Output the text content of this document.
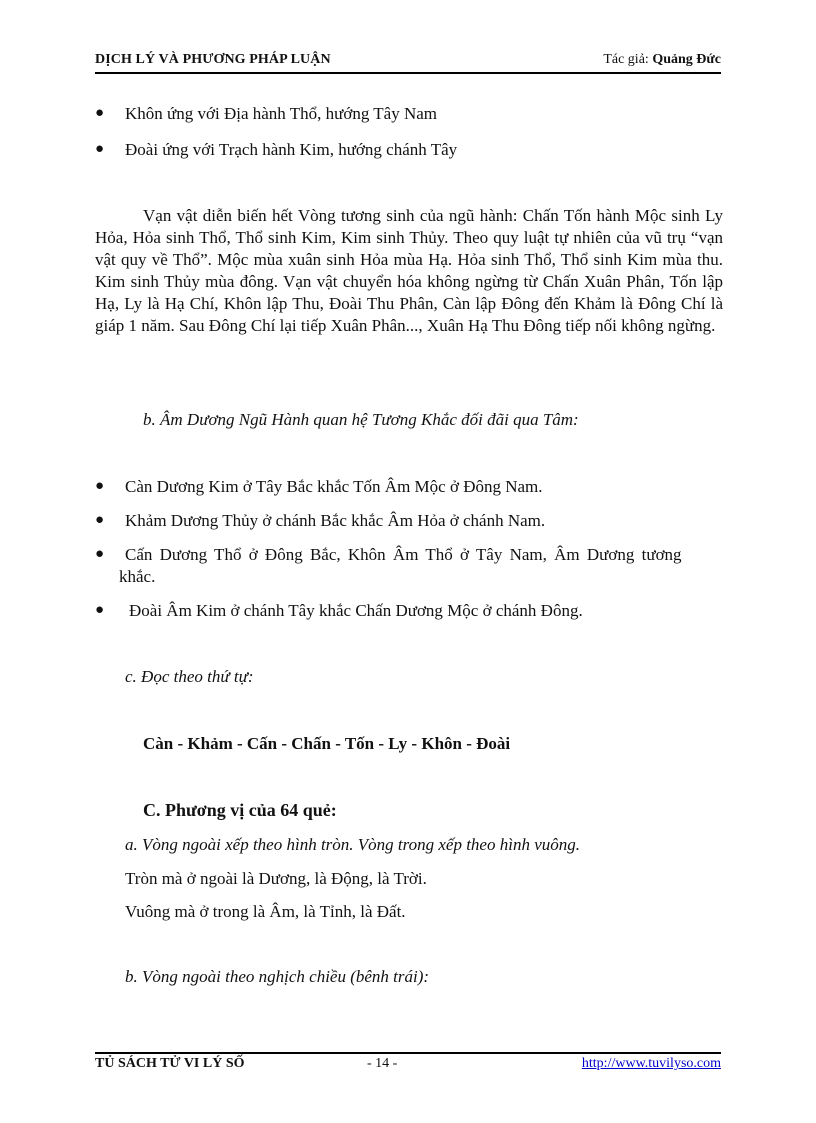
DỊCH LÝ VÀ PHƯƠNG PHÁP LUẬN	Tác giả: Quảng Đức
● Khôn ứng với Địa hành Thổ, hướng Tây Nam
● Đoài ứng với Trạch hành Kim, hướng chánh Tây
Vạn vật diễn biến hết Vòng tương sinh của ngũ hành: Chấn Tốn hành Mộc sinh Ly Hỏa, Hỏa sinh Thổ, Thổ sinh Kim, Kim sinh Thủy. Theo quy luật tự nhiên của vũ trụ “vạn vật quy về Thổ”. Mộc mùa xuân sinh Hỏa mùa Hạ. Hỏa sinh Thổ, Thổ sinh Kim mùa thu. Kim sinh Thủy mùa đông. Vạn vật chuyển hóa không ngừng từ Chấn Xuân Phân, Tốn lập Hạ, Ly là Hạ Chí, Khôn lập Thu, Đoài Thu Phân, Càn lập Đông đến Khảm là Đông Chí là giáp 1 năm. Sau Đông Chí lại tiếp Xuân Phân..., Xuân Hạ Thu Đông tiếp nối không ngừng.
b. Âm Dương Ngũ Hành quan hệ Tương Khắc đối đãi qua Tâm:
● Càn Dương Kim ở Tây Bắc khắc Tốn Âm Mộc ở Đông Nam.
● Khảm Dương Thủy ở chánh Bắc khắc Âm Hỏa ở chánh Nam.
● Cấn Dương Thổ ở Đông Bắc, Khôn Âm Thổ ở Tây Nam, Âm Dương tương
khắc.
● Đoài Âm Kim ở chánh Tây khắc Chấn Dương Mộc ở chánh Đông.
c. Đọc theo thứ tự:
Càn - Khảm - Cấn - Chấn - Tốn - Ly - Khôn - Đoài
C. Phương vị của 64 quẻ:
a. Vòng ngoài xếp theo hình tròn. Vòng trong xếp theo hình vuông.
Tròn mà ở ngoài là Dương, là Động, là Trời.
Vuông mà ở trong là Âm, là Tỉnh, là Đất.
b. Vòng ngoài theo nghịch chiều (bênh trái):
TỦ SÁCH TỬ VI LÝ SỐ	- 14 -	http://www.tuvilyso.com
